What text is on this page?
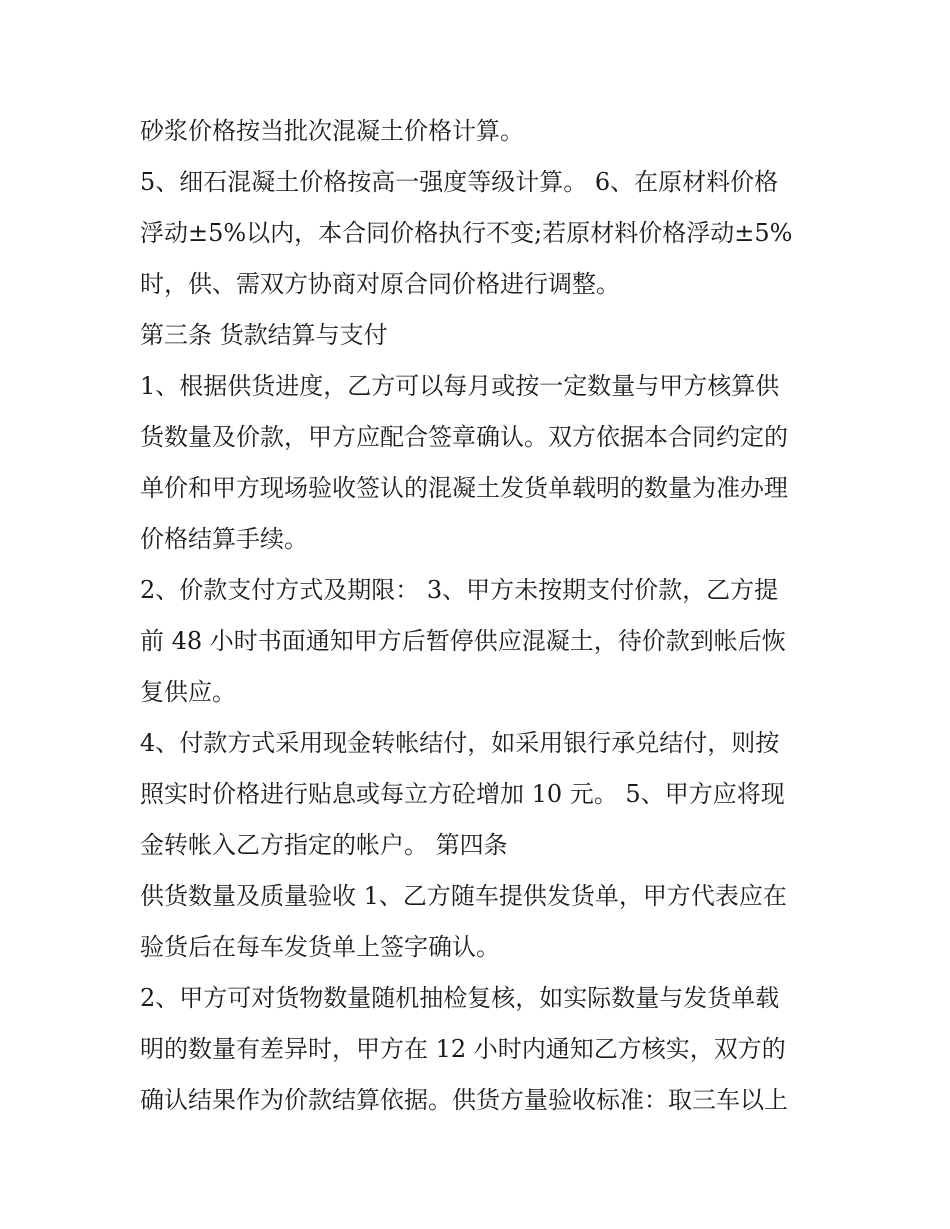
砂浆价格按当批次混凝土价格计算。
5、细石混凝土价格按高一强度等级计算。 6、在原材料价格
浮动±5%以内，本合同价格执行不变;若原材料价格浮动±5%
时，供、需双方协商对原合同价格进行调整。
第三条 货款结算与支付
1、根据供货进度，乙方可以每月或按一定数量与甲方核算供
货数量及价款，甲方应配合签章确认。双方依据本合同约定的
单价和甲方现场验收签认的混凝土发货单载明的数量为准办理
价格结算手续。
2、价款支付方式及期限： 3、甲方未按期支付价款，乙方提
前 48 小时书面通知甲方后暂停供应混凝土，待价款到帐后恢
复供应。
4、付款方式采用现金转帐结付，如采用银行承兑结付，则按
照实时价格进行贴息或每立方砼增加 10 元。 5、甲方应将现
金转帐入乙方指定的帐户。 第四条
供货数量及质量验收 1、乙方随车提供发货单，甲方代表应在
验货后在每车发货单上签字确认。
2、甲方可对货物数量随机抽检复核，如实际数量与发货单载
明的数量有差异时，甲方在 12 小时内通知乙方核实，双方的
确认结果作为价款结算依据。供货方量验收标准：取三车以上
